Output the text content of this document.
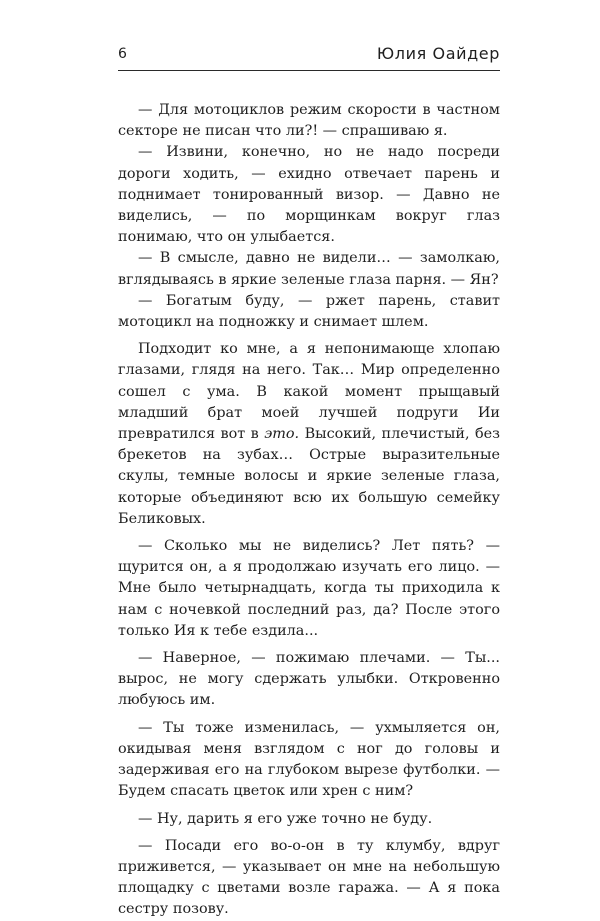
6	Юлия Оайдер

— Для мотоциклов режим скорости в частном секторе не писан что ли?! — спрашиваю я.

— Извини, конечно, но не надо посреди дороги ходить, — ехидно отвечает парень и поднимает тонированный визор. — Давно не виделись, — по морщинкам вокруг глаз понимаю, что он улыбается.

— В смысле, давно не видели… — замолкаю, вглядываясь в яркие зеленые глаза парня. — Ян?

— Богатым буду, — ржет парень, ставит мотоцикл на подножку и снимает шлем.

Подходит ко мне, а я непонимающе хлопаю глазами, глядя на него. Так… Мир определенно сошел с ума. В какой момент прыщавый младший брат моей лучшей подруги Ии превратился вот в это. Высокий, плечистый, без брекетов на зубах… Острые выразительные скулы, темные волосы и яркие зеленые глаза, которые объединяют всю их большую семейку Беликовых.

— Сколько мы не виделись? Лет пять? — щурится он, а я продолжаю изучать его лицо. — Мне было четырнадцать, когда ты приходила к нам с ночевкой последний раз, да? После этого только Ия к тебе ездила...

— Наверное, — пожимаю плечами. — Ты... вырос, не могу сдержать улыбки. Откровенно любуюсь им.

— Ты тоже изменилась, — ухмыляется он, окидывая меня взглядом с ног до головы и задерживая его на глубоком вырезе футболки. — Будем спасать цветок или хрен с ним?

— Ну, дарить я его уже точно не буду.

— Посади его во-о-он в ту клумбу, вдруг приживется, — указывает он мне на небольшую площадку с цветами возле гаража. — А я пока сестру позову.
